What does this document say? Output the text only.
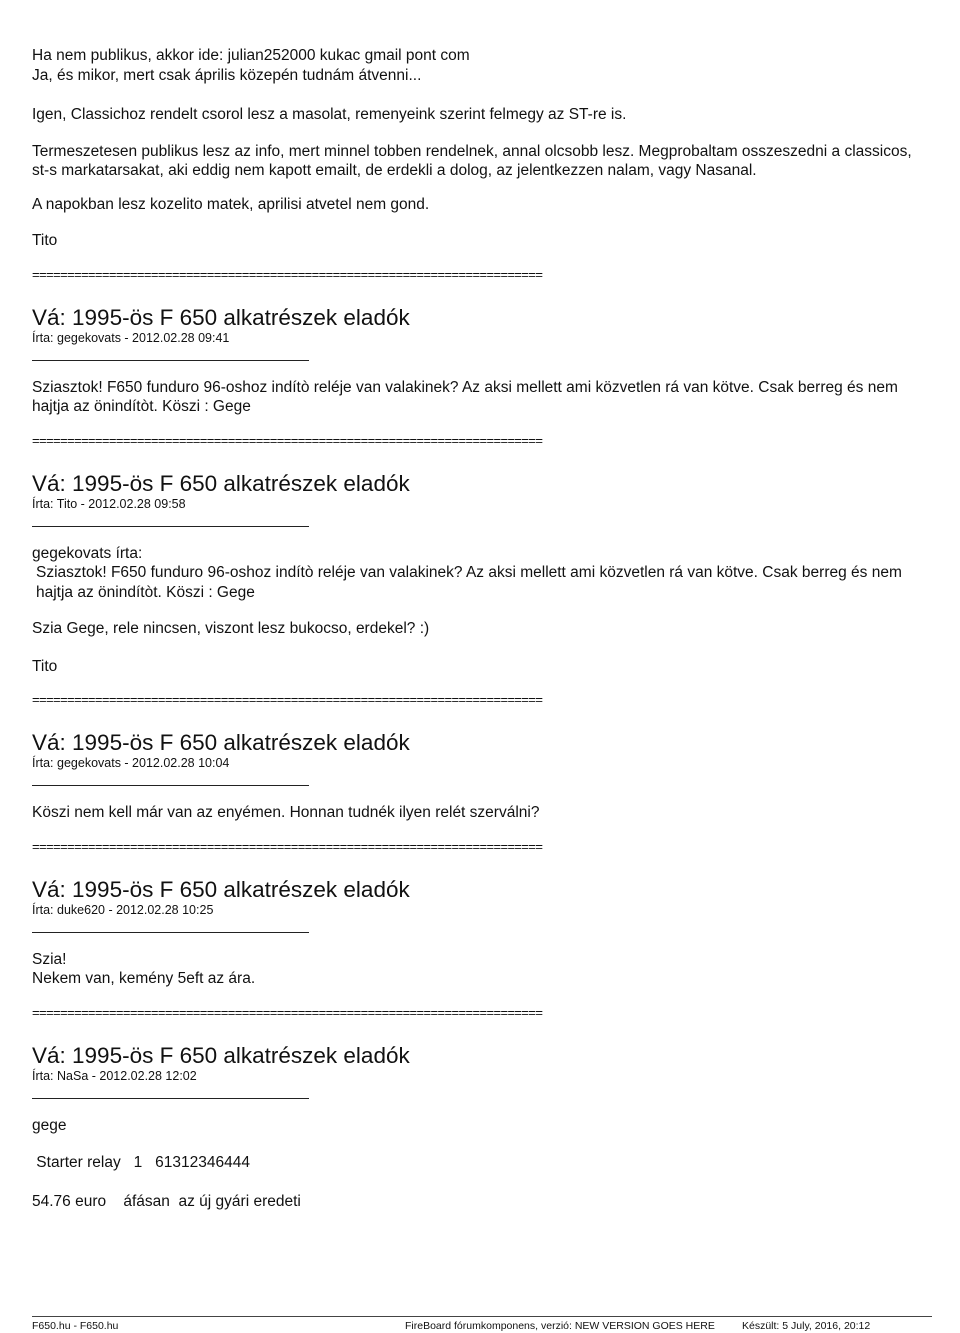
Ha nem publikus, akkor ide: julian252000 kukac gmail pont com

Ja, és mikor, mert csak április közepén tudnám átvenni...

Igen, Classichoz rendelt csorol lesz a masolat, remenyeink szerint felmegy az ST-re is.

Termeszetesen publikus lesz az info, mert minnel tobben rendelnek, annal olcsobb lesz. Megprobaltam osszeszedni a classicos, st-s markatarsakat, aki eddig nem kapott emailt, de erdekli a dolog, az jelentkezzen nalam, vagy Nasanal.

A napokban lesz kozelito matek, aprilisi atvetel nem gond.

Tito

=========================================================================

Vá: 1995-ös F 650 alkatrészek eladók

Írta: gegekovats - 2012.02.28 09:41

Sziasztok! F650 funduro 96-oshoz indítò reléje van valakinek? Az aksi mellett ami közvetlen rá van kötve. Csak berreg és nem hajtja az önindítòt. Köszi : Gege

=========================================================================

Vá: 1995-ös F 650 alkatrészek eladók

Írta: Tito - 2012.02.28 09:58

gegekovats írta:

Sziasztok! F650 funduro 96-oshoz indítò reléje van valakinek? Az aksi mellett ami közvetlen rá van kötve. Csak berreg és nem hajtja az önindítòt. Köszi : Gege

Szia Gege, rele nincsen, viszont lesz bukocso, erdekel? :)

Tito

=========================================================================

Vá: 1995-ös F 650 alkatrészek eladók

Írta: gegekovats - 2012.02.28 10:04

Köszi nem kell már van az enyémen. Honnan tudnék ilyen relét szerválni?

=========================================================================

Vá: 1995-ös F 650 alkatrészek eladók

Írta: duke620 - 2012.02.28 10:25

Szia!

Nekem van, kemény 5eft az ára.

=========================================================================

Vá: 1995-ös F 650 alkatrészek eladók

Írta: NaSa - 2012.02.28 12:02

gege

Starter relay   1   61312346444

54.76 euro    áfásan  az új gyári eredeti

F650.hu - F650.hu	FireBoard fórumkomponens, verzió: NEW VERSION GOES HERE	Készült: 5 July, 2016, 20:12
